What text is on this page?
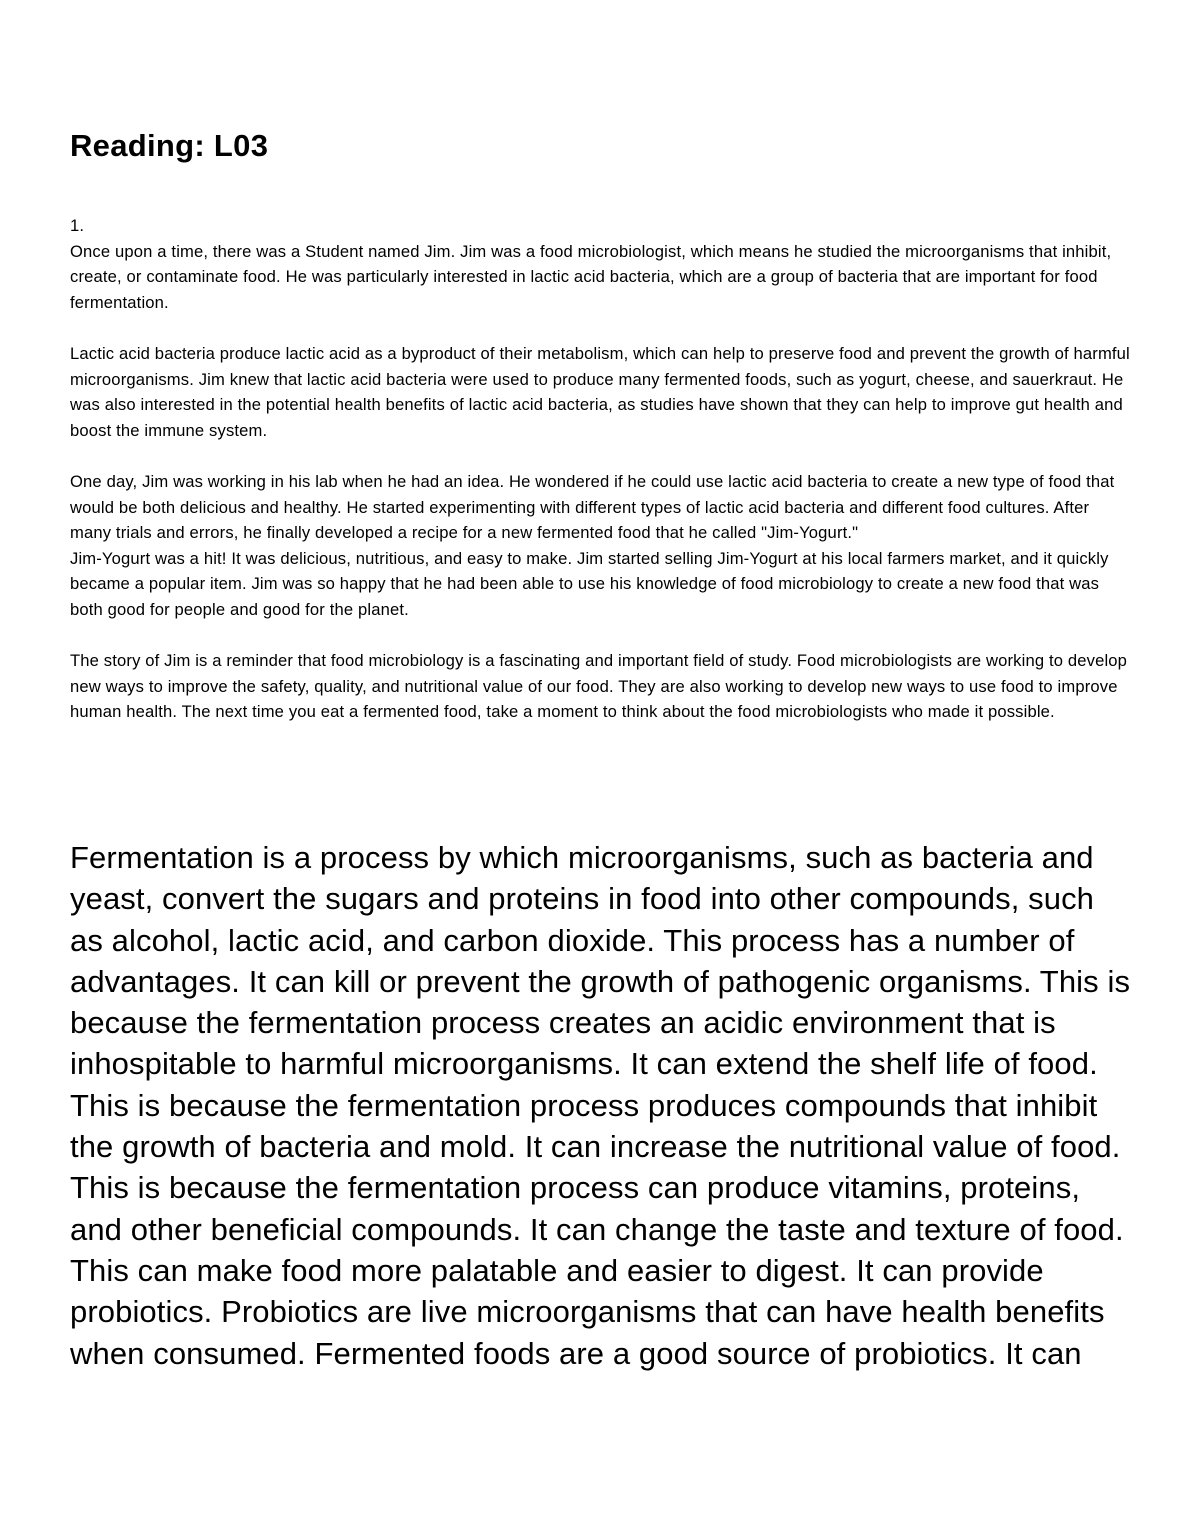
Reading: L03

1.

Once upon a time, there was a Student named Jim. Jim was a food microbiologist, which means he studied the microorganisms that inhibit, create, or contaminate food. He was particularly interested in lactic acid bacteria, which are a group of bacteria that are important for food fermentation.

Lactic acid bacteria produce lactic acid as a byproduct of their metabolism, which can help to preserve food and prevent the growth of harmful microorganisms. Jim knew that lactic acid bacteria were used to produce many fermented foods, such as yogurt, cheese, and sauerkraut. He was also interested in the potential health benefits of lactic acid bacteria, as studies have shown that they can help to improve gut health and boost the immune system.

One day, Jim was working in his lab when he had an idea. He wondered if he could use lactic acid bacteria to create a new type of food that would be both delicious and healthy. He started experimenting with different types of lactic acid bacteria and different food cultures. After many trials and errors, he finally developed a recipe for a new fermented food that he called "Jim-Yogurt."

Jim-Yogurt was a hit! It was delicious, nutritious, and easy to make. Jim started selling Jim-Yogurt at his local farmers market, and it quickly became a popular item. Jim was so happy that he had been able to use his knowledge of food microbiology to create a new food that was both good for people and good for the planet.

The story of Jim is a reminder that food microbiology is a fascinating and important field of study. Food microbiologists are working to develop new ways to improve the safety, quality, and nutritional value of our food. They are also working to develop new ways to use food to improve human health. The next time you eat a fermented food, take a moment to think about the food microbiologists who made it possible.

Fermentation is a process by which microorganisms, such as bacteria and yeast, convert the sugars and proteins in food into other compounds, such as alcohol, lactic acid, and carbon dioxide. This process has a number of advantages. It can kill or prevent the growth of pathogenic organisms. This is because the fermentation process creates an acidic environment that is inhospitable to harmful microorganisms. It can extend the shelf life of food. This is because the fermentation process produces compounds that inhibit the growth of bacteria and mold. It can increase the nutritional value of food. This is because the fermentation process can produce vitamins, proteins, and other beneficial compounds. It can change the taste and texture of food. This can make food more palatable and easier to digest. It can provide probiotics. Probiotics are live microorganisms that can have health benefits when consumed. Fermented foods are a good source of probiotics. It can
